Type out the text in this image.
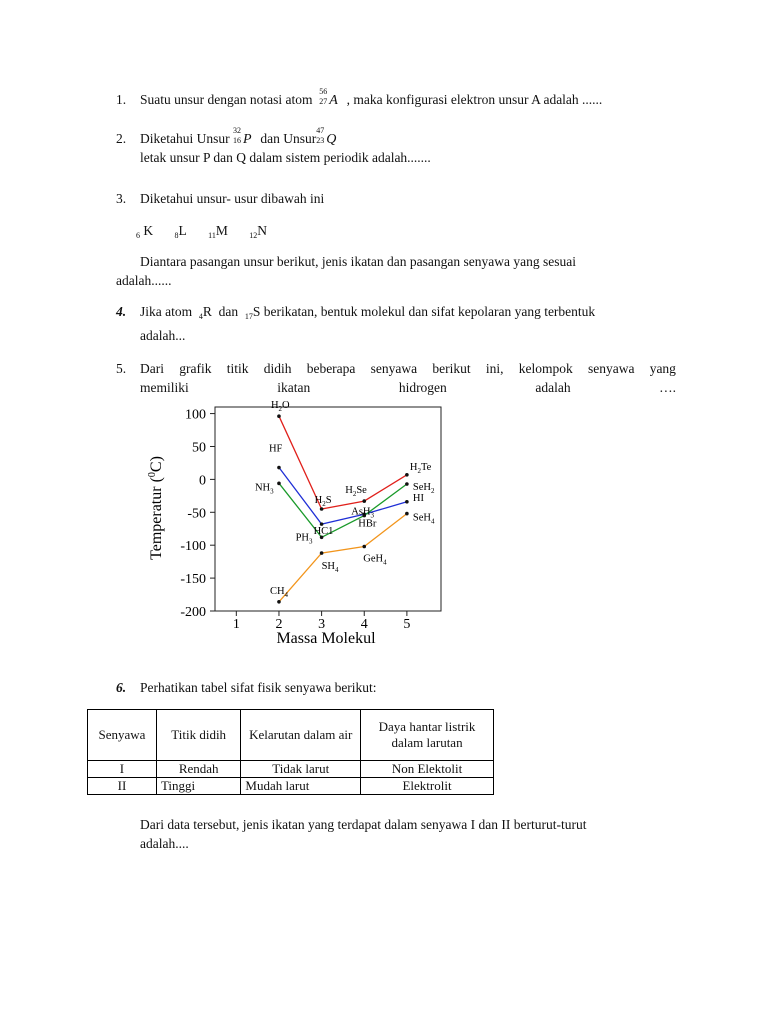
1.	Suatu unsur dengan notasi atom
56
27 A , maka konfigurasi elektron unsur A adalah ......
2.	Diketahui Unsur
32
16 P dan Unsur
47
23 Q
letak unsur P dan Q dalam sistem periodik adalah.......
3.	Diketahui unsur- usur dibawah ini
$_6$ K	$_8$L	$_{11}$M	$_{12}$N
Diantara pasangan unsur berikut, jenis ikatan dan pasangan senyawa yang sesuai
adalah......
4.	Jika atom $_4$R dan $_{17}$S berikatan, bentuk molekul dan sifat kepolaran yang terbentuk
adalah...
5.	Dari grafik titik didih beberapa senyawa berikut ini, kelompok senyawa yang
memiliki	ikatan	hidrogen	adalah	….
100
50
0
-50
-100
-150
-200
1	2	3	4	5
$H_2O$
$H_2S$
$H_2Se$
$H_2Te$
HF
HC1
HBr
HI
$NH_3$
$PH_3$
AsH$_3$
SeH$_2$
$CH_4$
$SH_4$
GeH$_4$
SeH$_4$
Massa Molekul
Temperatur ($^0$C)
6.	Perhatikan tabel sifat fisik senyawa berikut:
Senyawa	Titik didih	Kelarutan dalam air	Daya hantar listrik dalam larutan
I	Rendah	Tidak larut	Non Elektolit
II	Tinggi	Mudah larut	Elektrolit
Dari data tersebut, jenis ikatan yang terdapat dalam senyawa I dan II berturut-turut
adalah....
